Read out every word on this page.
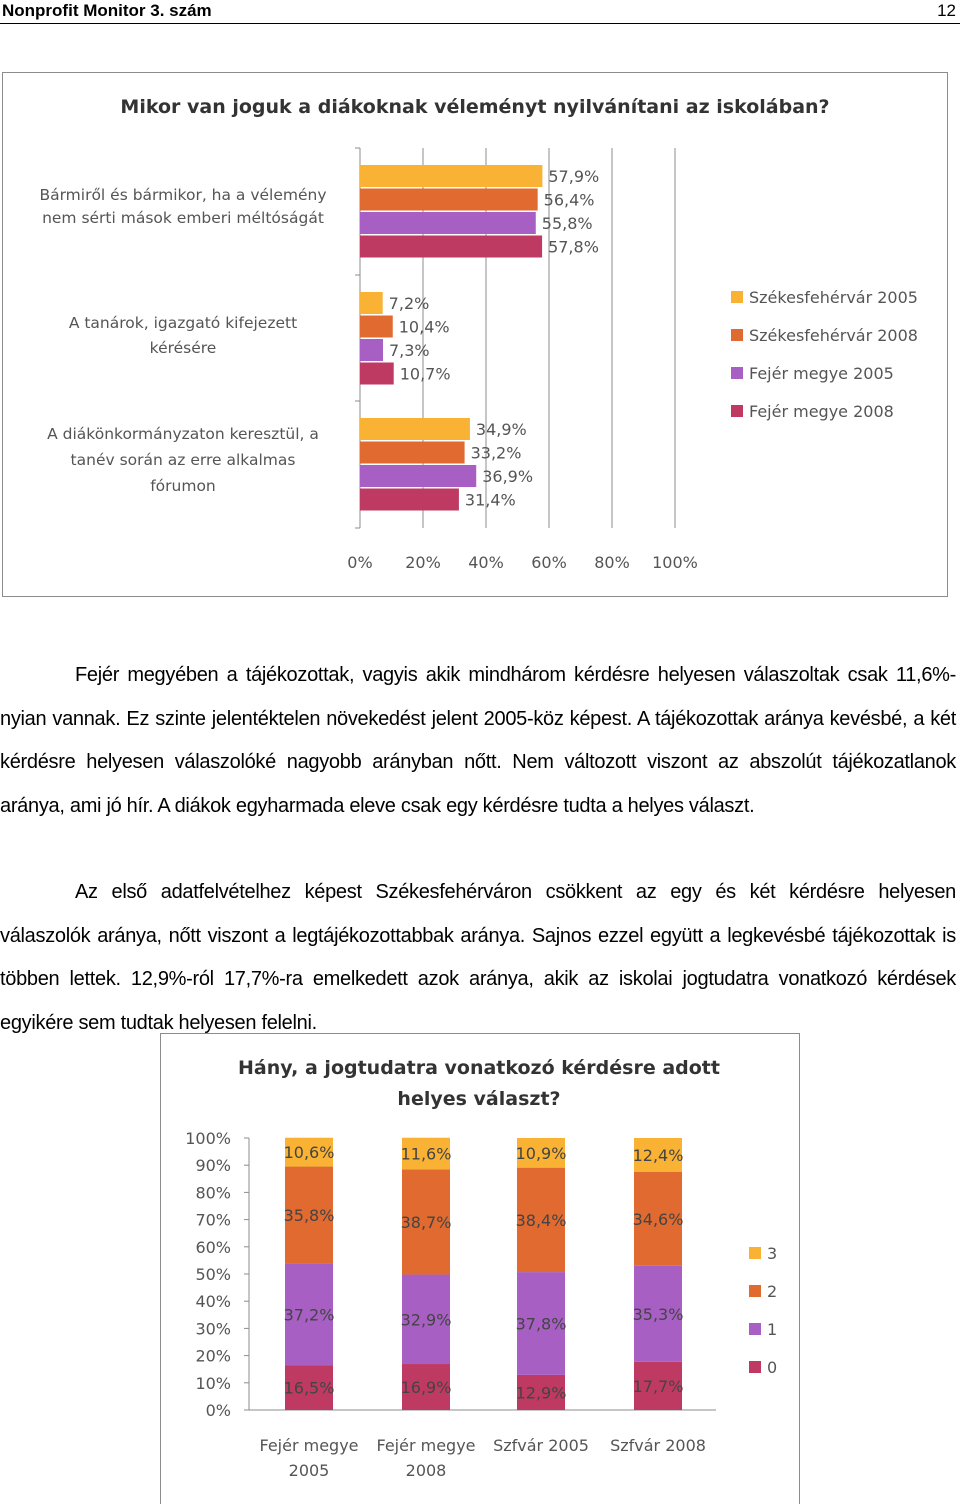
Nonprofit Monitor 3. szám	12
Mikor van joguk a diákoknak véleményt nyilvánítani az iskolában?
0% 20% 40% 60% 80% 100%
Bármiről és bármikor, ha a vélemény
nem sérti mások emberi méltóságát
57,9%
56,4%
55,8%
57,8%
A tanárok, igazgató kifejezett
kérésére
7,2%
10,4%
7,3%
10,7%
A diákönkormányzaton keresztül, a
tanév során az erre alkalmas
fórumon
34,9%
33,2%
36,9%
31,4%
Székesfehérvár 2005
Székesfehérvár 2008
Fejér megye 2005
Fejér megye 2008

Fejér megyében a tájékozottak, vagyis akik mindhárom kérdésre helyesen válaszoltak csak 11,6%-nyian vannak. Ez szinte jelentéktelen növekedést jelent 2005-köz képest. A tájékozottak aránya kevésbé, a két kérdésre helyesen válaszolóké nagyobb arányban nőtt. Nem változott viszont az abszolút tájékozatlanok aránya, ami jó hír. A diákok egyharmada eleve csak egy kérdésre tudta a helyes választ.

Az első adatfelvételhez képest Székesfehérváron csökkent az egy és két kérdésre helyesen válaszolók aránya, nőtt viszont a legtájékozottabbak aránya. Sajnos ezzel együtt a legkevésbé tájékozottak is többen lettek. 12,9%-ról 17,7%-ra emelkedett azok aránya, akik az iskolai jogtudatra vonatkozó kérdések egyikére sem tudtak helyesen felelni.

Hány, a jogtudatra vonatkozó kérdésre adott
helyes választ?
0%
10%
20%
30%
40%
50%
60%
70%
80%
90%
100%
16,5%
37,2%
35,8%
10,6%
Fejér megye
2005
16,9%
32,9%
38,7%
11,6%
Fejér megye
2008
12,9%
37,8%
38,4%
10,9%
Szfvár 2005
17,7%
35,3%
34,6%
12,4%
Szfvár 2008
3
2
1
0
